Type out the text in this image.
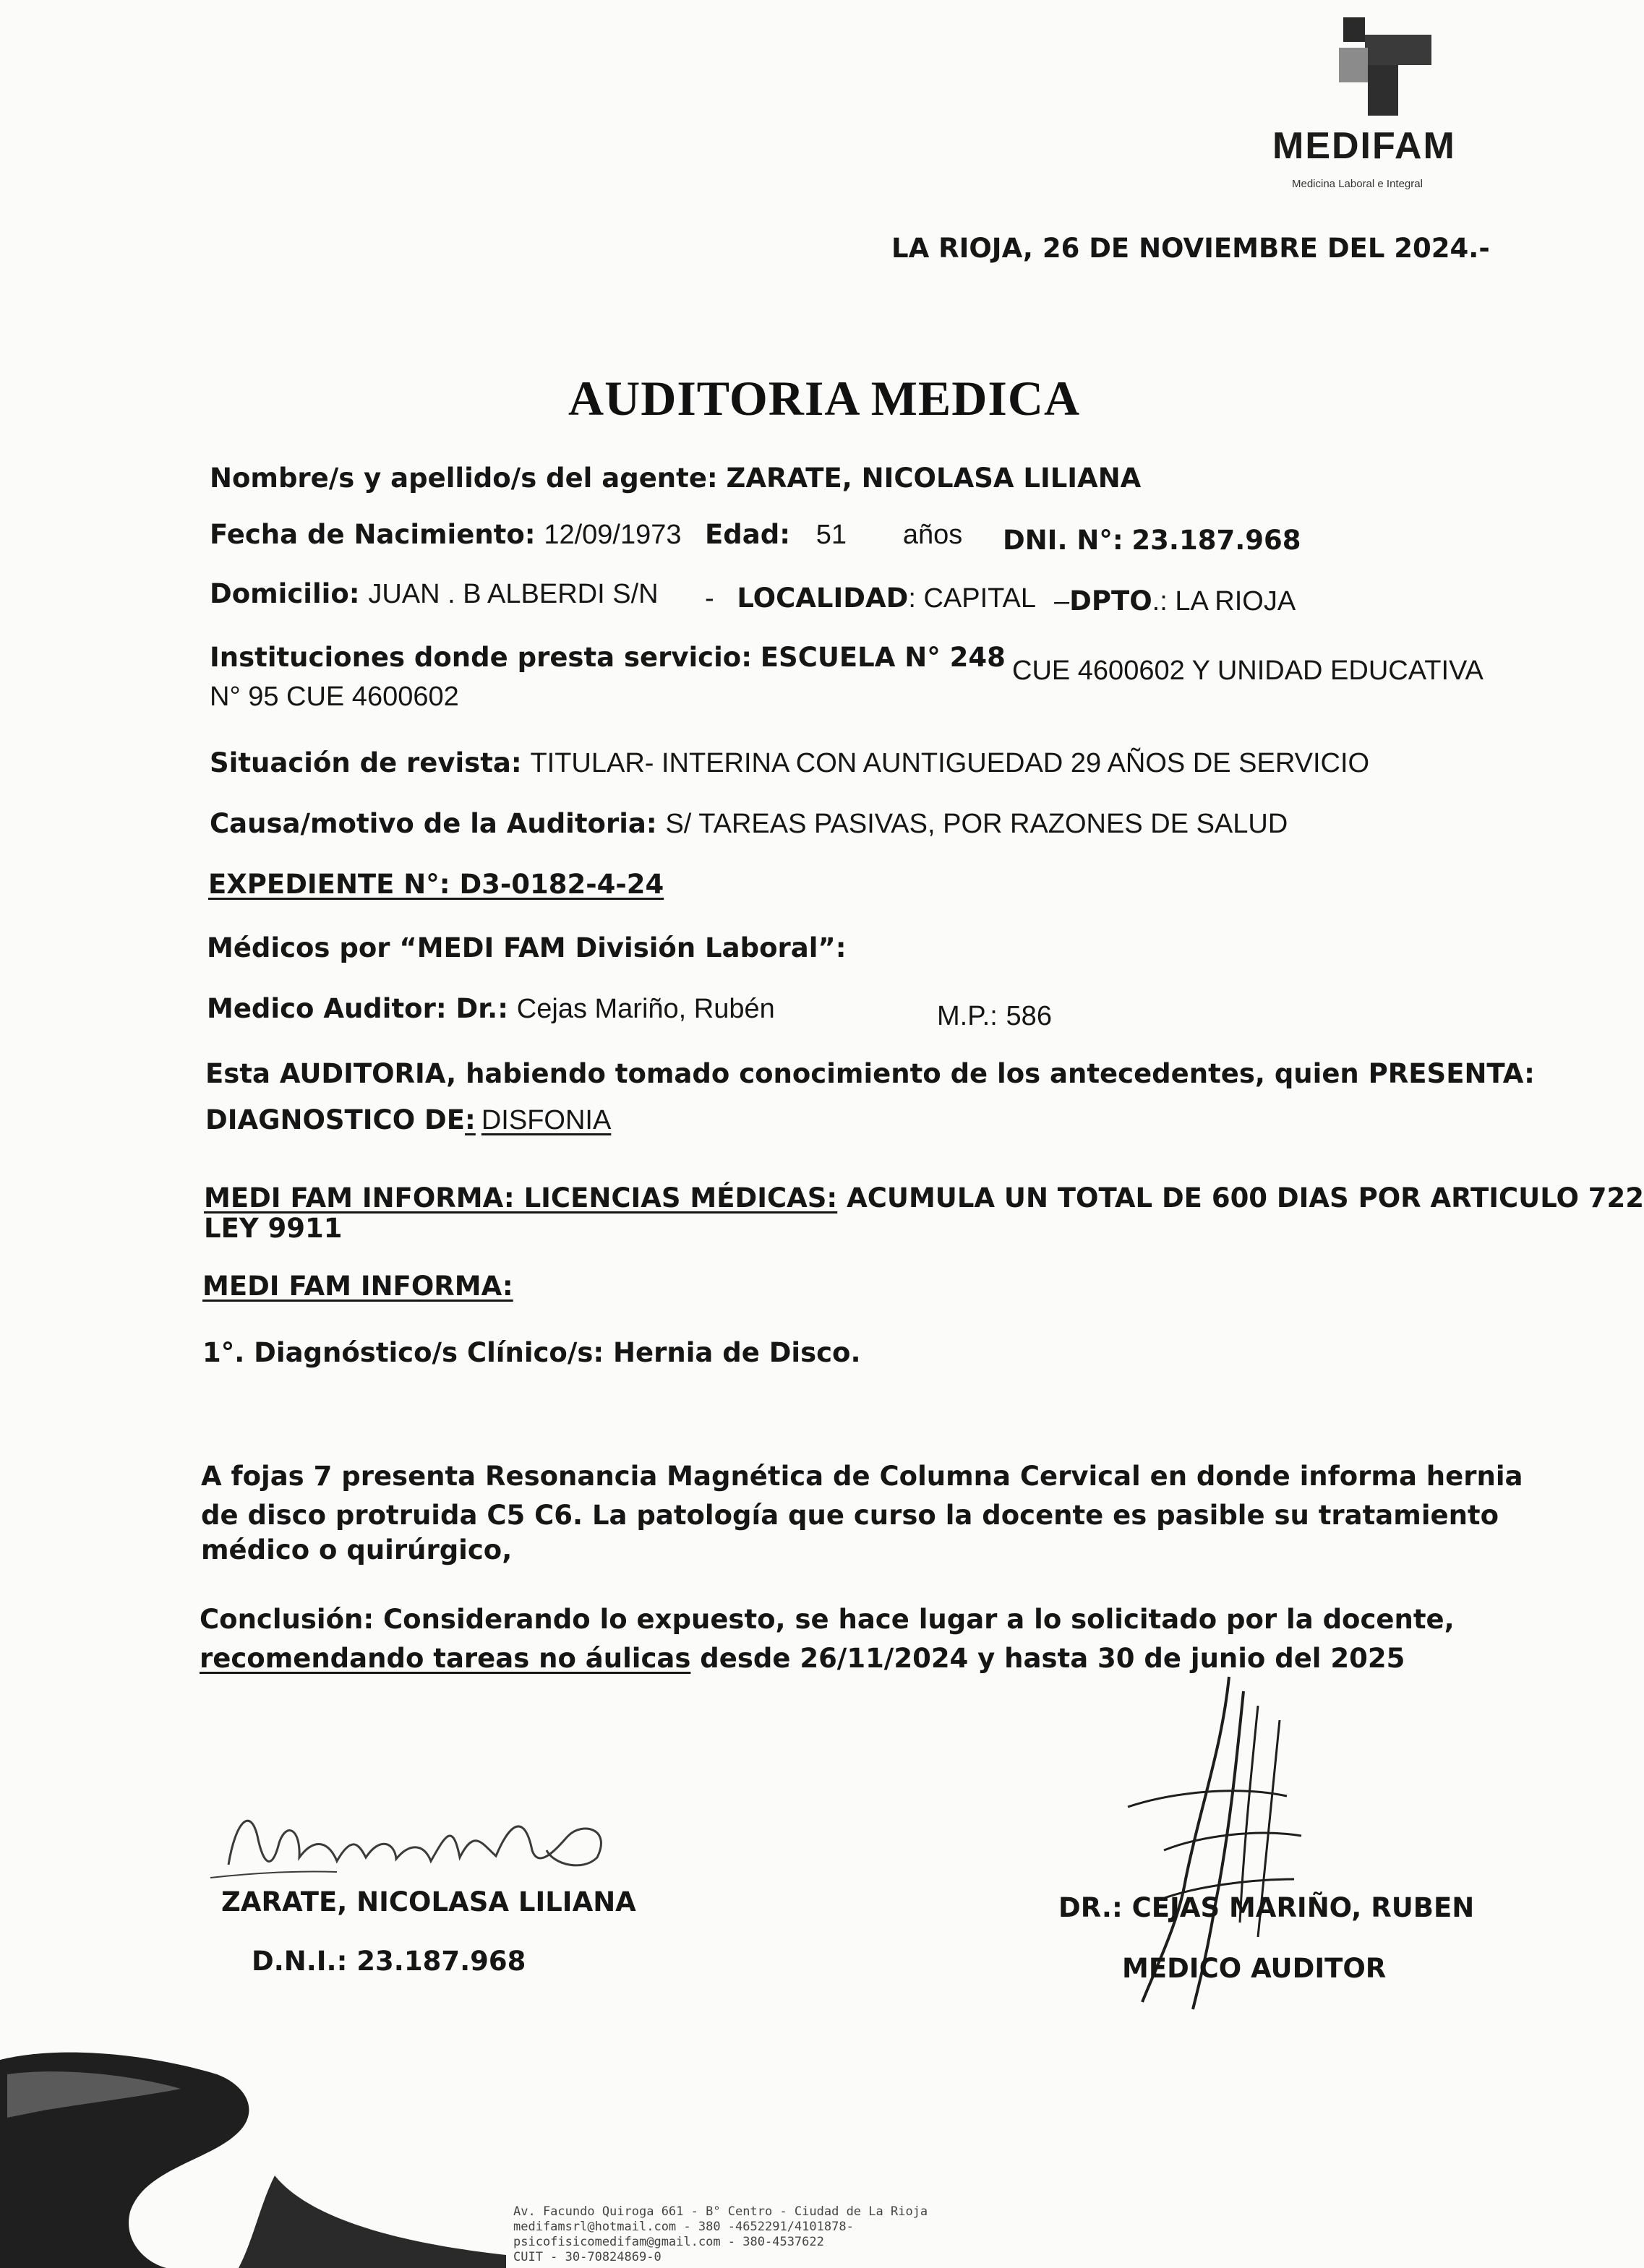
MEDIFAM
Medicina Laboral e Integral
LA RIOJA, 26 DE NOVIEMBRE DEL 2024.-
AUDITORIA MEDICA
Nombre/s y apellido/s del agente: ZARATE, NICOLASA LILIANA
Fecha de Nacimiento: 12/09/1973 Edad: 51 años DNI. N°: 23.187.968
Domicilio: JUAN . B ALBERDI S/N - LOCALIDAD: CAPITAL –DPTO.: LA RIOJA
Instituciones donde presta servicio: ESCUELA N° 248 CUE 4600602 Y UNIDAD EDUCATIVA
N° 95 CUE 4600602
Situación de revista: TITULAR- INTERINA CON AUNTIGUEDAD 29 AÑOS DE SERVICIO
Causa/motivo de la Auditoria: S/ TAREAS PASIVAS, POR RAZONES DE SALUD
EXPEDIENTE N°: D3-0182-4-24
Médicos por “MEDI FAM División Laboral”:
Medico Auditor: Dr.: Cejas Mariño, Rubén	M.P.: 586
Esta AUDITORIA, habiendo tomado conocimiento de los antecedentes, quien PRESENTA:
DIAGNOSTICO DE: DISFONIA
MEDI FAM INFORMA: LICENCIAS MÉDICAS: ACUMULA UN TOTAL DE 600 DIAS POR ARTICULO 722
LEY 9911
MEDI FAM INFORMA:
1°. Diagnóstico/s Clínico/s: Hernia de Disco.
A fojas 7 presenta Resonancia Magnética de Columna Cervical en donde informa hernia
de disco protruida C5 C6. La patología que curso la docente es pasible su tratamiento
médico o quirúrgico,
Conclusión: Considerando lo expuesto, se hace lugar a lo solicitado por la docente,
recomendando tareas no áulicas desde 26/11/2024 y hasta 30 de junio del 2025
ZARATE, NICOLASA LILIANA
D.N.I.: 23.187.968
DR.: CEJAS MARIÑO, RUBEN
MEDICO AUDITOR
Av. Facundo Quiroga 661 - B° Centro - Ciudad de La Rioja
medifamsrl@hotmail.com - 380 -4652291/4101878-
psicofisicomedifam@gmail.com - 380-4537622
CUIT - 30-70824869-0
